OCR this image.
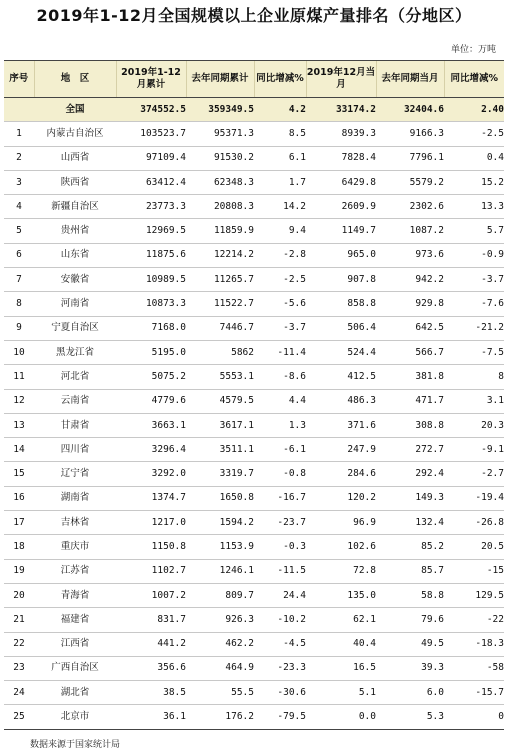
2019年1-12月全国规模以上企业原煤产量排名（分地区）
单位：万吨
序号	地　区	2019年1-12月累计	去年同期累计	同比增减%	2019年12月当月	去年同期当月	同比增减%
	全国	374552.5	359349.5	4.2	33174.2	32404.6	2.40
1	内蒙古自治区	103523.7	95371.3	8.5	8939.3	9166.3	-2.5
2	山西省	97109.4	91530.2	6.1	7828.4	7796.1	0.4
3	陕西省	63412.4	62348.3	1.7	6429.8	5579.2	15.2
4	新疆自治区	23773.3	20808.3	14.2	2609.9	2302.6	13.3
5	贵州省	12969.5	11859.9	9.4	1149.7	1087.2	5.7
6	山东省	11875.6	12214.2	-2.8	965.0	973.6	-0.9
7	安徽省	10989.5	11265.7	-2.5	907.8	942.2	-3.7
8	河南省	10873.3	11522.7	-5.6	858.8	929.8	-7.6
9	宁夏自治区	7168.0	7446.7	-3.7	506.4	642.5	-21.2
10	黑龙江省	5195.0	5862	-11.4	524.4	566.7	-7.5
11	河北省	5075.2	5553.1	-8.6	412.5	381.8	8
12	云南省	4779.6	4579.5	4.4	486.3	471.7	3.1
13	甘肃省	3663.1	3617.1	1.3	371.6	308.8	20.3
14	四川省	3296.4	3511.1	-6.1	247.9	272.7	-9.1
15	辽宁省	3292.0	3319.7	-0.8	284.6	292.4	-2.7
16	湖南省	1374.7	1650.8	-16.7	120.2	149.3	-19.4
17	吉林省	1217.0	1594.2	-23.7	96.9	132.4	-26.8
18	重庆市	1150.8	1153.9	-0.3	102.6	85.2	20.5
19	江苏省	1102.7	1246.1	-11.5	72.8	85.7	-15
20	青海省	1007.2	809.7	24.4	135.0	58.8	129.5
21	福建省	831.7	926.3	-10.2	62.1	79.6	-22
22	江西省	441.2	462.2	-4.5	40.4	49.5	-18.3
23	广西自治区	356.6	464.9	-23.3	16.5	39.3	-58
24	湖北省	38.5	55.5	-30.6	5.1	6.0	-15.7
25	北京市	36.1	176.2	-79.5	0.0	5.3	0
数据来源于国家统计局
